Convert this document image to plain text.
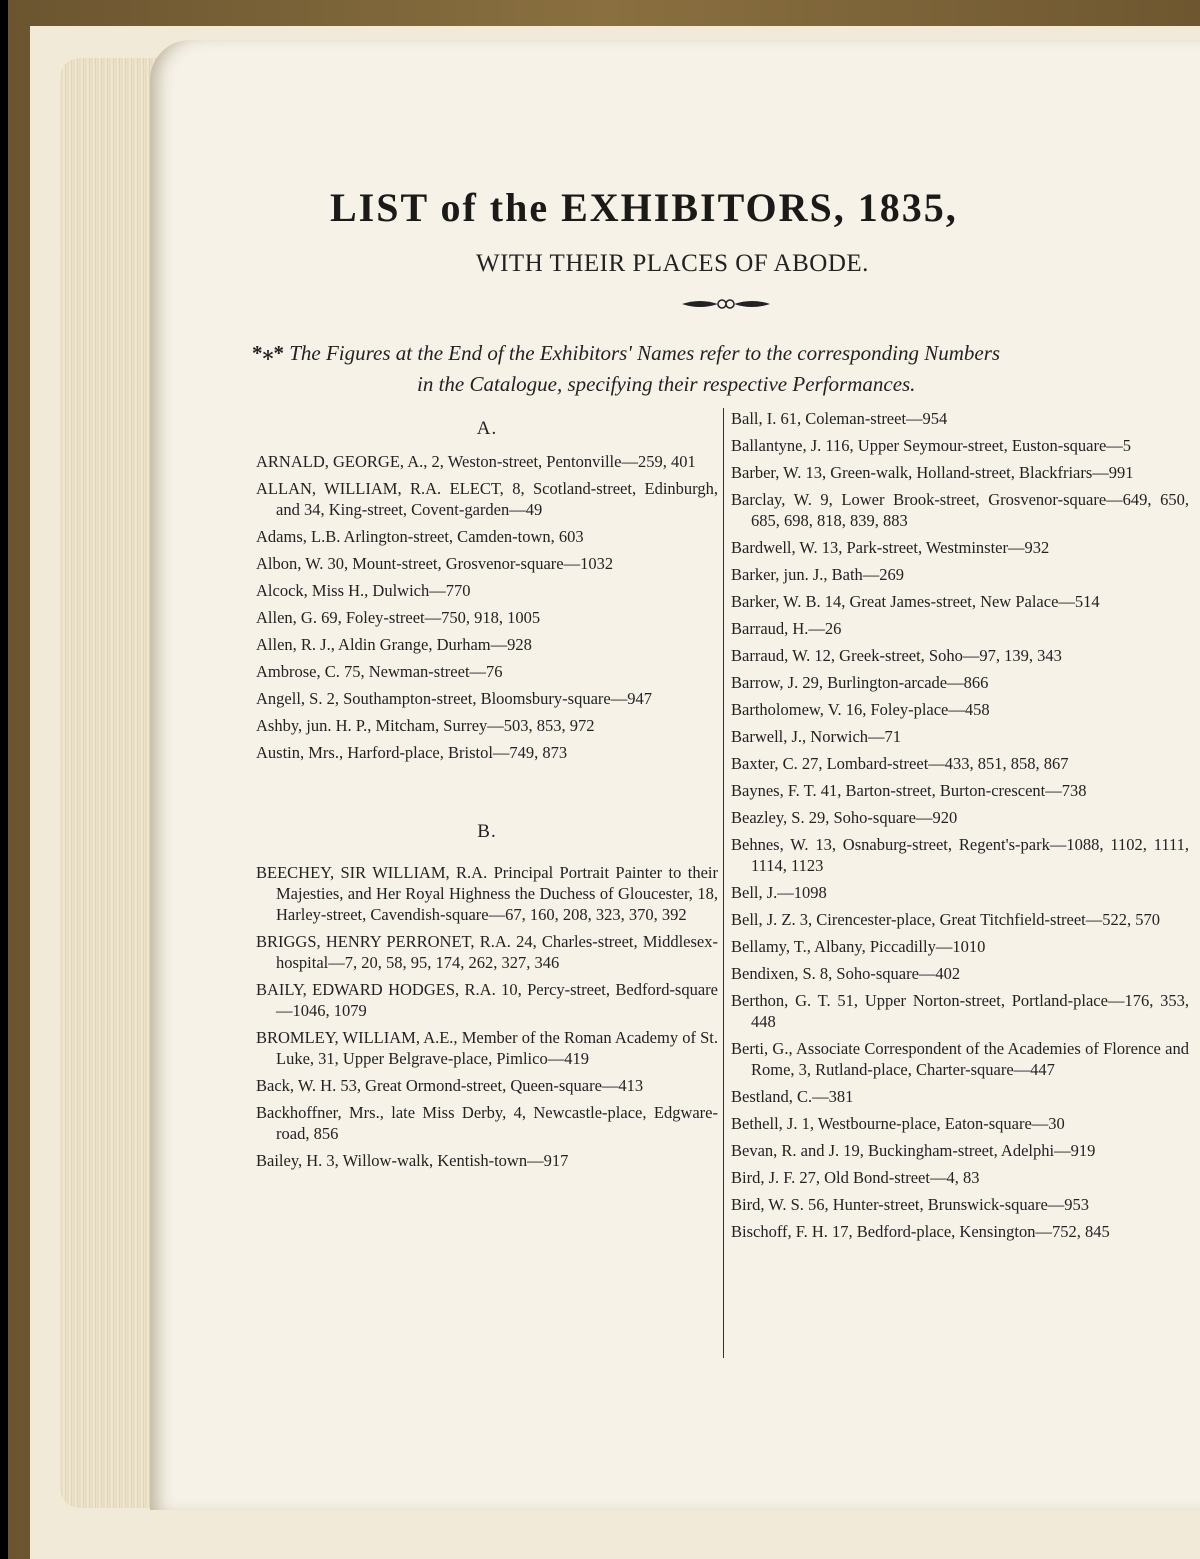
LIST of the EXHIBITORS, 1835,
WITH THEIR PLACES OF ABODE.
*⁎* The Figures at the End of the Exhibitors' Names refer to the corresponding Numbers
in the Catalogue, specifying their respective Performances.
A.
ARNALD, GEORGE, A., 2, Weston-street, Pentonville—259, 401
ALLAN, WILLIAM, R.A. ELECT, 8, Scotland-street, Edinburgh, and 34, King-street, Covent-garden—49
Adams, L.B. Arlington-street, Camden-town, 603
Albon, W. 30, Mount-street, Grosvenor-square—1032
Alcock, Miss H., Dulwich—770
Allen, G. 69, Foley-street—750, 918, 1005
Allen, R. J., Aldin Grange, Durham—928
Ambrose, C. 75, Newman-street—76
Angell, S. 2, Southampton-street, Bloomsbury-square—947
Ashby, jun. H. P., Mitcham, Surrey—503, 853, 972
Austin, Mrs., Harford-place, Bristol—749, 873
B.
BEECHEY, SIR WILLIAM, R.A. Principal Portrait Painter to their Majesties, and Her Royal Highness the Duchess of Gloucester, 18, Harley-street, Cavendish-square—67, 160, 208, 323, 370, 392
BRIGGS, HENRY PERRONET, R.A. 24, Charles-street, Middlesex-hospital—7, 20, 58, 95, 174, 262, 327, 346
BAILY, EDWARD HODGES, R.A. 10, Percy-street, Bedford-square—1046, 1079
BROMLEY, WILLIAM, A.E., Member of the Roman Academy of St. Luke, 31, Upper Belgrave-place, Pimlico—419
Back, W. H. 53, Great Ormond-street, Queen-square—413
Backhoffner, Mrs., late Miss Derby, 4, Newcastle-place, Edgware-road, 856
Bailey, H. 3, Willow-walk, Kentish-town—917
Ball, I. 61, Coleman-street—954
Ballantyne, J. 116, Upper Seymour-street, Euston-square—5
Barber, W. 13, Green-walk, Holland-street, Blackfriars—991
Barclay, W. 9, Lower Brook-street, Grosvenor-square—649, 650, 685, 698, 818, 839, 883
Bardwell, W. 13, Park-street, Westminster—932
Barker, jun. J., Bath—269
Barker, W. B. 14, Great James-street, New Palace—514
Barraud, H.—26
Barraud, W. 12, Greek-street, Soho—97, 139, 343
Barrow, J. 29, Burlington-arcade—866
Bartholomew, V. 16, Foley-place—458
Barwell, J., Norwich—71
Baxter, C. 27, Lombard-street—433, 851, 858, 867
Baynes, F. T. 41, Barton-street, Burton-crescent—738
Beazley, S. 29, Soho-square—920
Behnes, W. 13, Osnaburg-street, Regent's-park—1088, 1102, 1111, 1114, 1123
Bell, J.—1098
Bell, J. Z. 3, Cirencester-place, Great Titchfield-street—522, 570
Bellamy, T., Albany, Piccadilly—1010
Bendixen, S. 8, Soho-square—402
Berthon, G. T. 51, Upper Norton-street, Portland-place—176, 353, 448
Berti, G., Associate Correspondent of the Academies of Florence and Rome, 3, Rutland-place, Charter-square—447
Bestland, C.—381
Bethell, J. 1, Westbourne-place, Eaton-square—30
Bevan, R. and J. 19, Buckingham-street, Adelphi—919
Bird, J. F. 27, Old Bond-street—4, 83
Bird, W. S. 56, Hunter-street, Brunswick-square—953
Bischoff, F. H. 17, Bedford-place, Kensington—752, 845
